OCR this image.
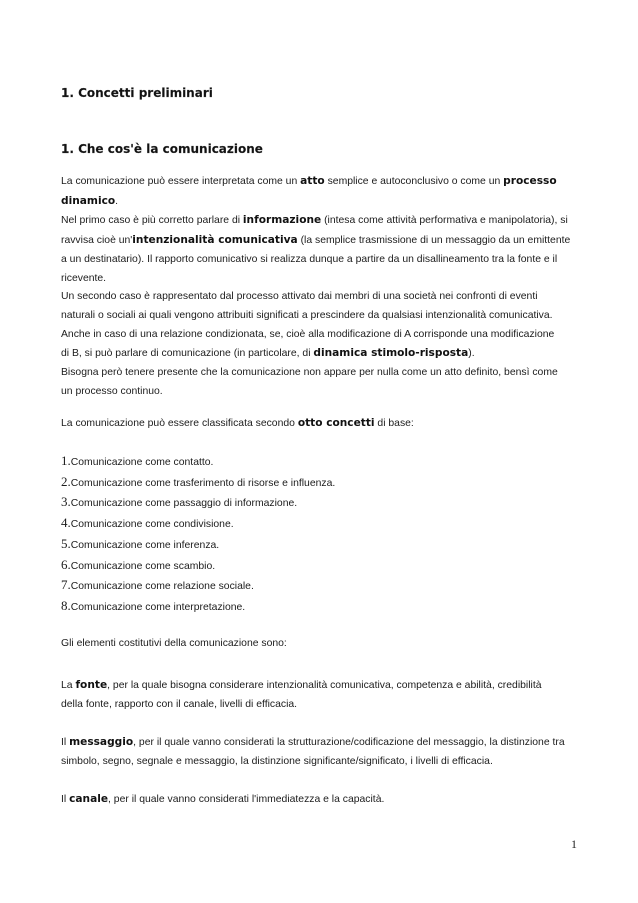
1. Concetti preliminari
1. Che cos'è la comunicazione

La comunicazione può essere interpretata come un atto semplice e autoconclusivo o come un processo

dinamico.

Nel primo caso è più corretto parlare di informazione (intesa come attività performativa e manipolatoria), si

ravvisa cioè un'intenzionalità comunicativa (la semplice trasmissione di un messaggio da un emittente

a un destinatario). Il rapporto comunicativo si realizza dunque a partire da un disallineamento tra la fonte e il

ricevente.

Un secondo caso è rappresentato dal processo attivato dai membri di una società nei confronti di eventi

naturali o sociali ai quali vengono attribuiti significati a prescindere da qualsiasi intenzionalità comunicativa.

Anche in caso di una relazione condizionata, se, cioè alla modificazione di A corrisponde una modificazione

di B, si può parlare di comunicazione (in particolare, di dinamica stimolo-risposta).

Bisogna però tenere presente che la comunicazione non appare per nulla come un atto definito, bensì come

un processo continuo.

La comunicazione può essere classificata secondo otto concetti di base:

1.Comunicazione come contatto.
2.Comunicazione come trasferimento di risorse e influenza.
3.Comunicazione come passaggio di informazione.
4.Comunicazione come condivisione.
5.Comunicazione come inferenza.
6.Comunicazione come scambio.
7.Comunicazione come relazione sociale.
8.Comunicazione come interpretazione.

Gli elementi costitutivi della comunicazione sono:

La fonte, per la quale bisogna considerare intenzionalità comunicativa, competenza e abilità, credibilità

della fonte, rapporto con il canale, livelli di efficacia.

Il messaggio, per il quale vanno considerati la strutturazione/codificazione del messaggio, la distinzione tra

simbolo, segno, segnale e messaggio, la distinzione significante/significato, i livelli di efficacia.

Il canale, per il quale vanno considerati l'immediatezza e la capacità.

1
